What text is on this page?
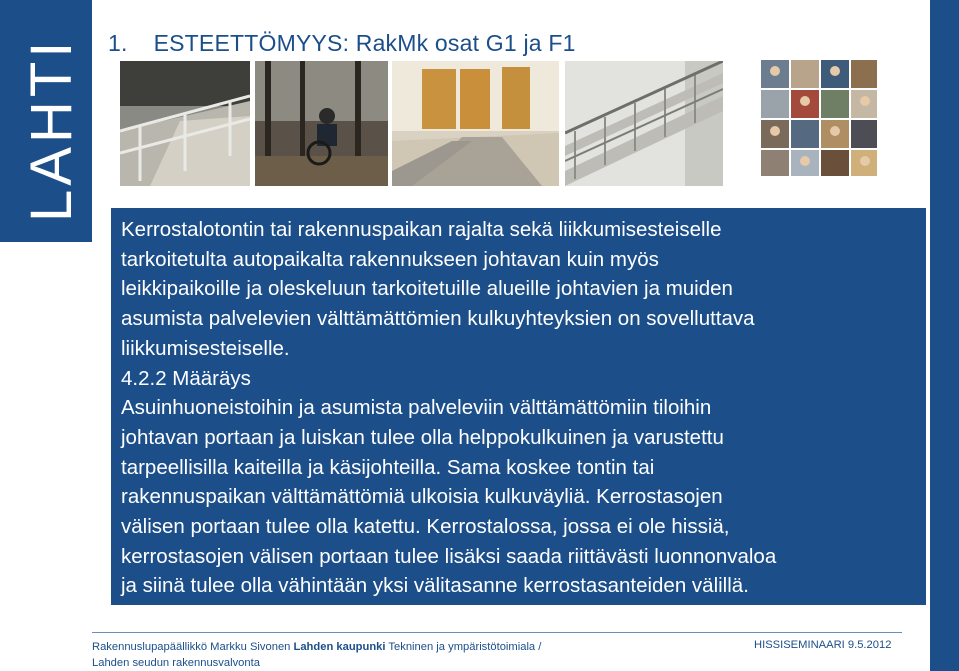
LAHTI 1. ESTEETTÖMYYS: RakMk osat G1 ja F1

Kerrostalotontin tai rakennuspaikan rajalta sekä liikkumisesteiselle

tarkoitetulta autopaikalta rakennukseen johtavan kuin myös

leikkipaikoille ja oleskeluun tarkoitetuille alueille johtavien ja muiden

asumista palvelevien välttämättömien kulkuyhteyksien on sovelluttava

liikkumisesteiselle.

4.2.2 Määräys

Asuinhuoneistoihin ja asumista palveleviin välttämättömiin tiloihin

johtavan portaan ja luiskan tulee olla helppokulkuinen ja varustettu

tarpeellisilla kaiteilla ja käsijohteilla. Sama koskee tontin tai

rakennuspaikan välttämättömiä ulkoisia kulkuväyliä. Kerrostasojen

välisen portaan tulee olla katettu. Kerrostalossa, jossa ei ole hissiä,

kerrostasojen välisen portaan tulee lisäksi saada riittävästi luonnonvaloa

ja siinä tulee olla vähintään yksi välitasanne kerrostasanteiden välillä.

Rakennuslupapäällikkö Markku Sivonen Lahden kaupunki Tekninen ja ympäristötoimiala /
Lahden seudun rakennusvalvonta
HISSISEMINAARI 9.5.2012
